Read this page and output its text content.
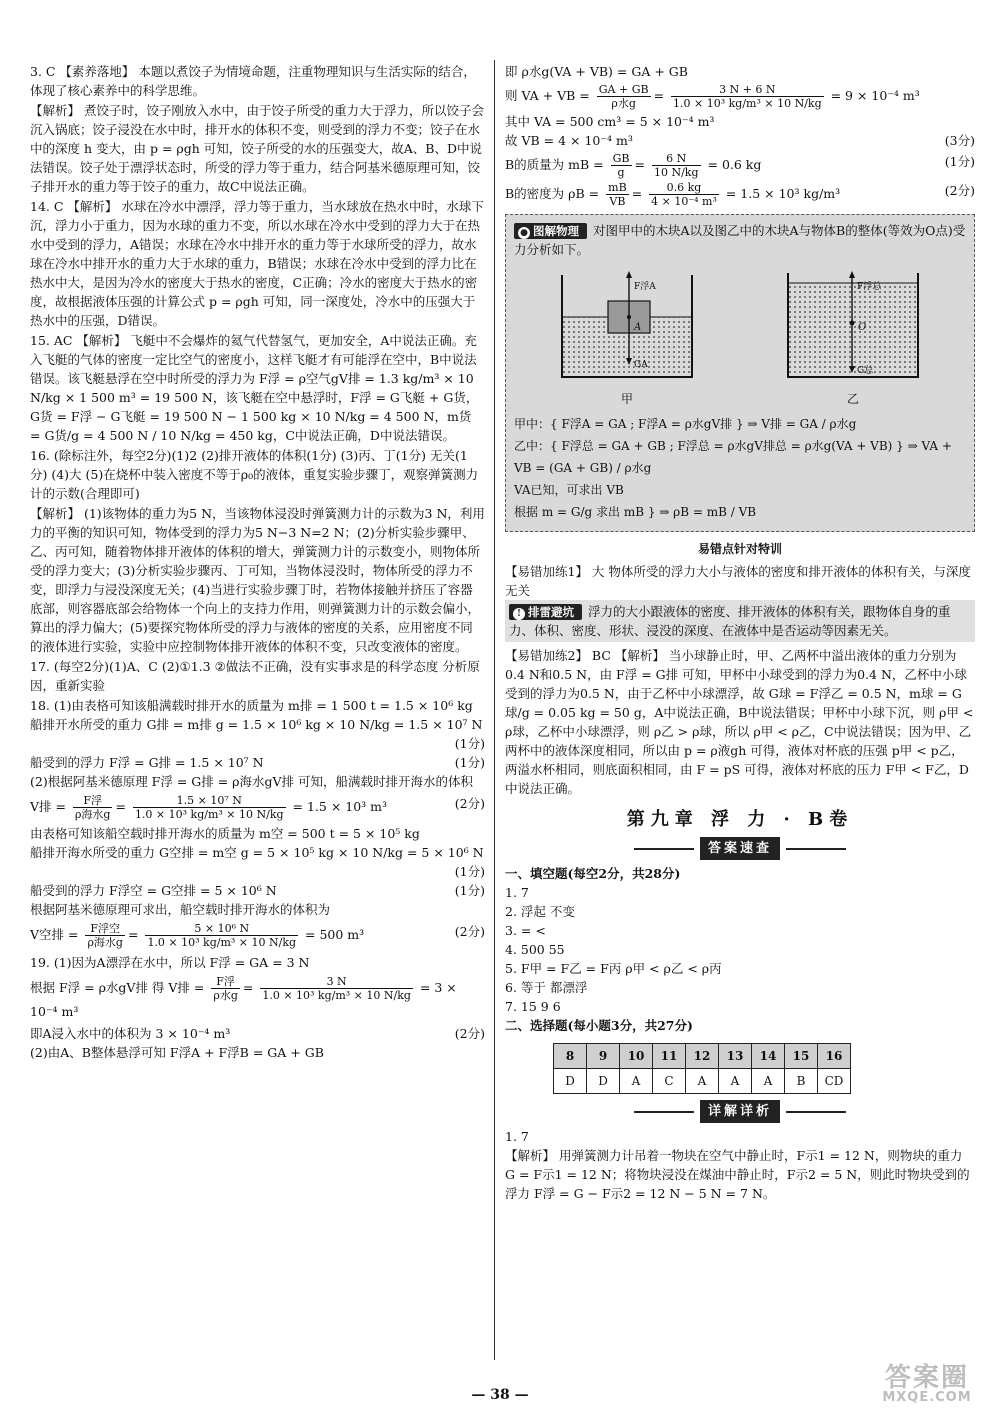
3. C 【素养落地】 本题以煮饺子为情境命题，注重物理知识与生活实际的结合，体现了核心素养中的科学思维。

【解析】 煮饺子时，饺子刚放入水中，由于饺子所受的重力大于浮力，所以饺子会沉入锅底；饺子浸没在水中时，排开水的体积不变，则受到的浮力不变；饺子在水中的深度 h 变大，由 p = ρgh 可知，饺子所受的水的压强变大，故A、B、D中说法错误。饺子处于漂浮状态时，所受的浮力等于重力，结合阿基米德原理可知，饺子排开水的重力等于饺子的重力，故C中说法正确。

14. C 【解析】 水球在冷水中漂浮，浮力等于重力，当水球放在热水中时，水球下沉，浮力小于重力，因为水球的重力不变，所以水球在冷水中受到的浮力大于在热水中受到的浮力，A错误；水球在冷水中排开水的重力等于水球所受的浮力，故水球在冷水中排开水的重力大于水球的重力，B错误；水球在冷水中受到的浮力比在热水中大，是因为冷水的密度大于热水的密度，C正确；冷水的密度大于热水的密度，故根据液体压强的计算公式 p = ρgh 可知，同一深度处，冷水中的压强大于热水中的压强，D错误。

15. AC 【解析】 飞艇中不会爆炸的氦气代替氢气，更加安全，A中说法正确。充入飞艇的气体的密度一定比空气的密度小，这样飞艇才有可能浮在空中，B中说法错误。该飞艇悬浮在空中时所受的浮力为 F浮 = ρ空气gV排 = 1.3 kg/m³ × 10 N/kg × 1 500 m³ = 19 500 N，该飞艇在空中悬浮时，F浮 = G飞艇 + G货，G货 = F浮 − G飞艇 = 19 500 N − 1 500 kg × 10 N/kg = 4 500 N，m货 = G货/g = 4 500 N / 10 N/kg = 450 kg，C中说法正确，D中说法错误。

16. (除标注外，每空2分)(1)2 (2)排开液体的体积(1分) (3)丙、丁(1分) 无关(1分) (4)大 (5)在烧杯中装入密度不等于ρ₀的液体，重复实验步骤丁，观察弹簧测力计的示数(合理即可)

【解析】 (1)该物体的重力为5 N，当该物体浸没时弹簧测力计的示数为3 N，利用力的平衡的知识可知，物体受到的浮力为5 N−3 N=2 N；(2)分析实验步骤甲、乙、丙可知，随着物体排开液体的体积的增大，弹簧测力计的示数变小，则物体所受的浮力变大；(3)分析实验步骤丙、丁可知，当物体浸没时，物体所受的浮力不变，即浮力与浸没深度无关；(4)当进行实验步骤丁时，若物体接触并挤压了容器底部，则容器底部会给物体一个向上的支持力作用，则弹簧测力计的示数会偏小，算出的浮力偏大；(5)要探究物体所受的浮力与液体的密度的关系，应用密度不同的液体进行实验，实验中应控制物体排开液体的体积不变，只改变液体的密度。

17. (每空2分)(1)A、C (2)①1.3 ②做法不正确，没有实事求是的科学态度 分析原因，重新实验

18. (1)由表格可知该船满载时排开水的质量为 m排 = 1 500 t = 1.5 × 10⁶ kg

船排开水所受的重力 G排 = m排 g = 1.5 × 10⁶ kg × 10 N/kg = 1.5 × 10⁷ N
(1分)
船受到的浮力 F浮 = G排 = 1.5 × 10⁷ N	(1分)

(2)根据阿基米德原理 F浮 = G排 = ρ海水gV排 可知，船满载时排开海水的体积

V排 = $\frac{\text{F浮}}{\text{ρ海水g}} = \frac{\text{1.5 × 10⁷ N}}{\text{1.0 × 10³ kg/m³ × 10 N/kg}} = 1.5 \times 10^3$ m³	(2分)

由表格可知该船空载时排开海水的质量为 m空 = 500 t = 5 × 10⁵ kg

船排开海水所受的重力 G空排 = m空 g = 5 × 10⁵ kg × 10 N/kg = 5 × 10⁶ N

(1分)
船受到的浮力 F浮空 = G空排 = 5 × 10⁶ N	(1分)

根据阿基米德原理可求出，船空载时排开海水的体积为

V空排 = $\frac{\text{F浮空}}{\text{ρ海水g}} = \frac{\text{5 × 10⁶ N}}{\text{1.0 × 10³ kg/m³ × 10 N/kg}} = 500$ m³	(2分)

19. (1)因为A漂浮在水中，所以 F浮 = GA = 3 N

根据 F浮 = ρ水gV排 得 V排 = $\frac{\text{F浮}}{\text{ρ水g}} = \frac{3 N}{\text{1.0 × 10³ kg/m³ × 10 N/kg}} = 3 \times 10^{-4}$ m³
即A浸入水中的体积为 3 × 10⁻⁴ m³	(2分)

(2)由A、B整体悬浮可知 F浮A + F浮B = GA + GB

即 ρ水g(VA + VB) = GA + GB

则 VA + VB = $\frac{GA + GB}{\text{ρ水g}} = \frac{3 N + 6 N}{\text{1.0 × 10³ kg/m³ × 10 N/kg}} = 9 \times 10^{-4}$ m³

其中 VA = 500 cm³ = 5 × 10⁻⁴ m³

故 VB = 4 × 10⁻⁴ m³	(3分)
B的质量为 mB = $\frac{GB}{g} = \frac{6 N}{10 N/kg} = 0.6$ kg	(1分)
B的密度为 $\rho B = \frac{mB}{VB} = \frac{0.6 kg}{\text{4 × 10⁻⁴ m³}} = 1.5 \times 10^3$ kg/m³	(2分)

● 图解物理 对图甲中的木块A以及图乙中的木块A与物体B的整体(等效为O点)受力分析如下。

F浮A
A
GA
甲
F浮总
O
G总
乙

甲中：{ F浮A = GA ; F浮A = ρ水gV排 } ⇒ V排 = GA / ρ水g

乙中：{ F浮总 = GA + GB ; F浮总 = ρ水gV排总 = ρ水g(VA + VB) } ⇒ VA + VB = (GA + GB) / ρ水g

VA已知，可求出 VB

根据 m = G/g 求出 mB } ⇒ ρB = mB / VB

易错点针对特训

【易错加练1】 大 物体所受的浮力大小与液体的密度和排开液体的体积有关，与深度无关

! 排雷避坑 浮力的大小跟液体的密度、排开液体的体积有关，跟物体自身的重力、体积、密度、形状、浸没的深度、在液体中是否运动等因素无关。

【易错加练2】 BC 【解析】 当小球静止时，甲、乙两杯中溢出液体的重力分别为0.4 N和0.5 N，由 F浮 = G排 可知，甲杯中小球受到的浮力为0.4 N，乙杯中小球受到的浮力为0.5 N，由于乙杯中小球漂浮，故 G球 = F浮乙 = 0.5 N，m球 = G球/g = 0.05 kg = 50 g，A中说法正确，B中说法错误；甲杯中小球下沉，则 ρ甲 < ρ球，乙杯中小球漂浮，则 ρ乙 > ρ球，所以 ρ甲 < ρ乙，C中说法错误；因为甲、乙两杯中的液体深度相同，所以由 p = ρ液gh 可得，液体对杯底的压强 p甲 < p乙，两溢水杯相同，则底面积相同，由 F = pS 可得，液体对杯底的压力 F甲 < F乙，D中说法正确。

第九章 浮 力 · B卷
答案速查

一、填空题(每空2分，共28分)

1. 7

2. 浮起 不变

3. = <

4. 500 55

5. F甲 = F乙 = F丙 ρ甲 < ρ乙 < ρ丙

6. 等于 都漂浮

7. 15 9 6

二、选择题(每小题3分，共27分)

8	9	10	11	12	13	14	15	16
D	D	A	C	A	A	A	B	CD
详解详析

1. 7

【解析】 用弹簧测力计吊着一物块在空气中静止时，F示1 = 12 N，则物块的重力 G = F示1 = 12 N；将物块浸没在煤油中静止时，F示2 = 5 N，则此时物块受到的浮力 F浮 = G − F示2 = 12 N − 5 N = 7 N。

— 38 —
答案圈
MXQE.COM
